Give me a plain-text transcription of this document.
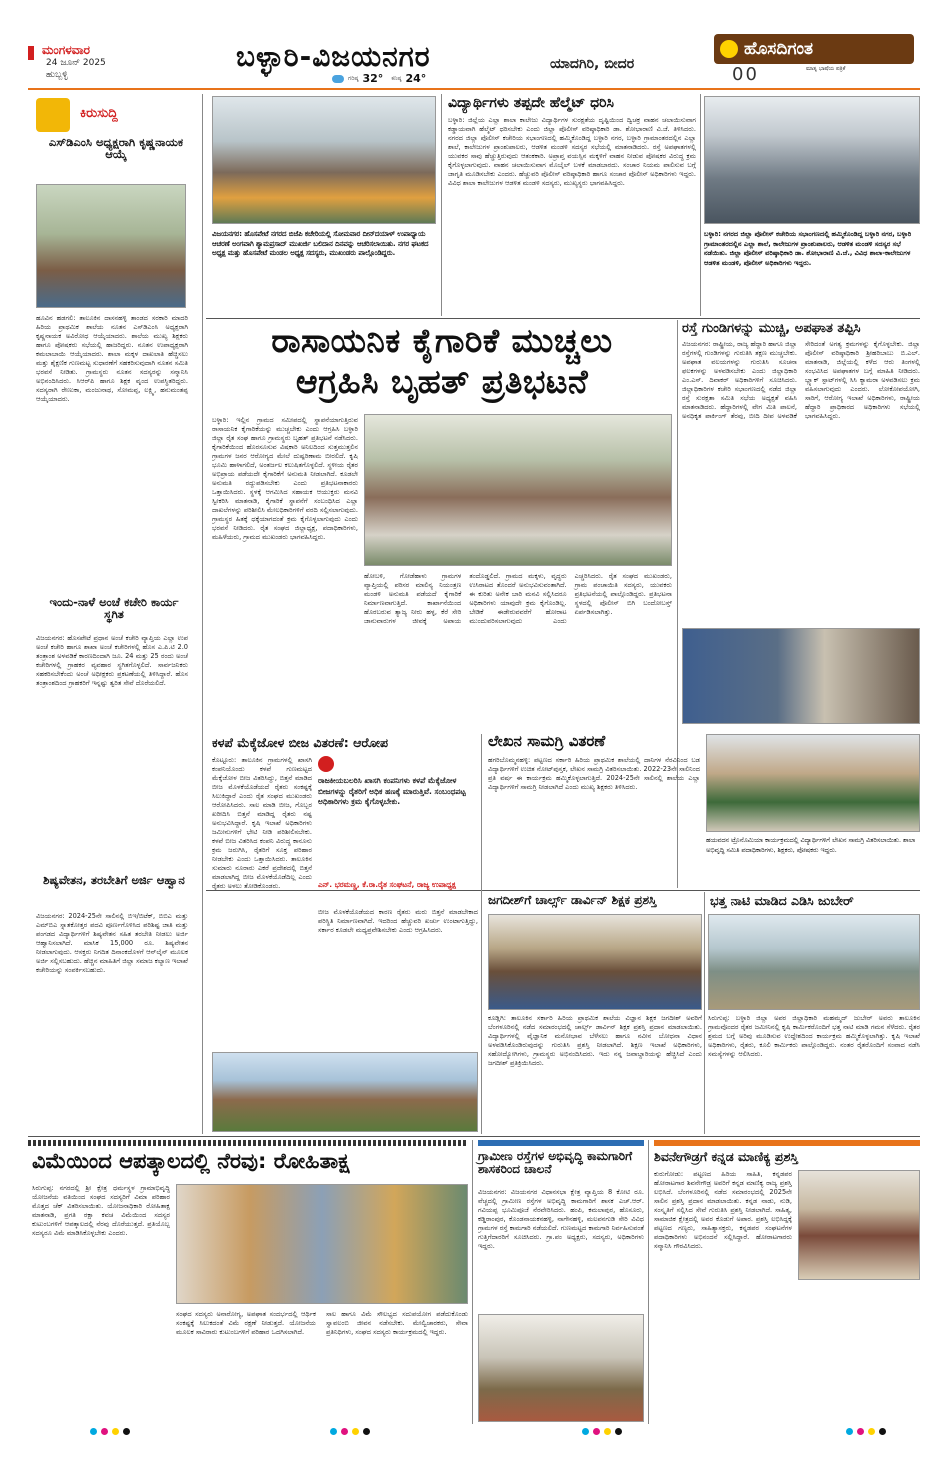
ಮಂಗಳವಾರ
24 ಜೂನ್ 2025
ಹುಬ್ಬಳ್ಳಿ
ಬಳ್ಳಾರಿ-ವಿಜಯನಗರ	ಯಾದಗಿರಿ, ಬೀದರ
ಗರಿಷ್ಠ 32° ಕನಿಷ್ಠ 24°
ಹೊಸದಿಗಂತ
ಮಾತೃ ಭಾಷೆಯ ಪತ್ರಿಕೆ
00
ಕಿರುಸುದ್ದಿ
ಎಸ್‌ಡಿಎಂಸಿ ಅಧ್ಯಕ್ಷರಾಗಿ ಕೃಷ್ಣನಾಯಕ ಆಯ್ಕೆ
ಹೂವಿನ ಹಡಗಲಿ: ತಾಲೂಕಿನ ದಾಸನಹಳ್ಳಿ ತಾಂಡದ ಸರಕಾರಿ ಮಾದರಿ ಹಿರಿಯ ಪ್ರಾಥಮಿಕ ಶಾಲೆಯ ನೂತನ ಎಸ್‌ಡಿಎಂಸಿ ಅಧ್ಯಕ್ಷರಾಗಿ ಕೃಷ್ಣನಾಯಕ ಅವಿರೋಧ ಆಯ್ಕೆಯಾದರು. ಶಾಲೆಯ ಮುಖ್ಯ ಶಿಕ್ಷಕರು ಹಾಗೂ ಪೋಷಕರು ಸಭೆಯಲ್ಲಿ ಹಾಜರಿದ್ದರು. ನೂತನ ಉಪಾಧ್ಯಕ್ಷರಾಗಿ ಕಮಲಾಬಾಯಿ ಆಯ್ಕೆಯಾದರು. ಶಾಲಾ ಮಕ್ಕಳ ದಾಖಲಾತಿ ಹೆಚ್ಚಿಸಲು ಮತ್ತು ಶೈಕ್ಷಣಿಕ ಗುಣಮಟ್ಟ ಸುಧಾರಣೆಗೆ ಸಹಕರಿಸುವುದಾಗಿ ನೂತನ ಸಮಿತಿ ಭರವಸೆ ನೀಡಿತು. ಗ್ರಾಮಸ್ಥರು ನೂತನ ಸದಸ್ಯರನ್ನು ಸನ್ಮಾನಿಸಿ ಅಭಿನಂದಿಸಿದರು. ಸಿಆರ್‌ಪಿ ಹಾಗೂ ಶಿಕ್ಷಕ ವೃಂದ ಉಪಸ್ಥಿತರಿದ್ದರು. ಸದಸ್ಯರಾಗಿ ರೇಣುಕಾ, ಮಂಜುನಾಥ, ಸೋಮಪ್ಪ, ಲಕ್ಷ್ಮಿ, ಹನುಮಂತಪ್ಪ ಆಯ್ಕೆಯಾದರು.
ಇಂದು-ನಾಳೆ ಅಂಚೆ ಕಚೇರಿ ಕಾರ್ಯ ಸ್ಥಗಿತ
ವಿಜಯನಗರ: ಹೊಸಪೇಟೆ ಪ್ರಧಾನ ಅಂಚೆ ಕಚೇರಿ ವ್ಯಾಪ್ತಿಯ ಎಲ್ಲಾ ಉಪ ಅಂಚೆ ಕಚೇರಿ ಹಾಗೂ ಶಾಖಾ ಅಂಚೆ ಕಚೇರಿಗಳಲ್ಲಿ ಹೊಸ ಎ.ಪಿ.ಟಿ 2.0 ತಂತ್ರಾಂಶ ಅಳವಡಿಕೆ ಕಾರಣದಿಂದಾಗಿ ಜೂ. 24 ಮತ್ತು 25 ರಂದು ಅಂಚೆ ಕಚೇರಿಗಳಲ್ಲಿ ಗ್ರಾಹಕರ ವ್ಯವಹಾರ ಸ್ಥಗಿತಗೊಳ್ಳಲಿದೆ. ಸಾರ್ವಜನಿಕರು ಸಹಕರಿಸಬೇಕೆಂದು ಅಂಚೆ ಅಧೀಕ್ಷಕರು ಪ್ರಕಟಣೆಯಲ್ಲಿ ತಿಳಿಸಿದ್ದಾರೆ. ಹೊಸ ತಂತ್ರಾಂಶದಿಂದ ಗ್ರಾಹಕರಿಗೆ ಇನ್ನಷ್ಟು ತ್ವರಿತ ಸೇವೆ ದೊರೆಯಲಿದೆ.
ಶಿಷ್ಯವೇತನ, ತರಬೇತಿಗೆ ಅರ್ಜಿ ಆಹ್ವಾನ
ವಿಜಯನಗರ: 2024-25ನೇ ಸಾಲಿನಲ್ಲಿ ಬಿಇ/ಬಿಟೆಕ್, ಬಿಬಿಎ ಮತ್ತು ಎಮ್‌ಬಿಎ ಸ್ನಾತಕೋತ್ತರ ಪದವಿ ಪೂರ್ಣಗೊಳಿಸಿದ ಪರಿಶಿಷ್ಟ ಜಾತಿ ಮತ್ತು ಪಂಗಡದ ವಿದ್ಯಾರ್ಥಿಗಳಿಗೆ ಶಿಷ್ಯವೇತನ ಸಹಿತ ತರಬೇತಿ ನೀಡಲು ಅರ್ಜಿ ಆಹ್ವಾನಿಸಲಾಗಿದೆ. ಮಾಸಿಕ 15,000 ರೂ. ಶಿಷ್ಯವೇತನ ನೀಡಲಾಗುವುದು. ಆಸಕ್ತರು ನಿಗದಿತ ದಿನಾಂಕದೊಳಗೆ ಆನ್‌ಲೈನ್ ಮೂಲಕ ಅರ್ಜಿ ಸಲ್ಲಿಸಬಹುದು. ಹೆಚ್ಚಿನ ಮಾಹಿತಿಗೆ ಜಿಲ್ಲಾ ಸಮಾಜ ಕಲ್ಯಾಣ ಇಲಾಖೆ ಕಚೇರಿಯನ್ನು ಸಂಪರ್ಕಿಸಬಹುದು.
ವಿಜಯನಗರ: ಹೊಸಪೇಟೆ ನಗರದ ಬಿಜೆಪಿ ಕಚೇರಿಯಲ್ಲಿ ಸೋಮವಾರ ದೀನ್‌ದಯಾಳ್ ಉಪಾಧ್ಯಾಯ ಆಚರಣೆ ಅಂಗವಾಗಿ ಶ್ಯಾಮಪ್ರಸಾದ್ ಮುಖರ್ಜಿ ಬಲಿದಾನ ದಿನವನ್ನು ಆಚರಿಸಲಾಯಿತು. ನಗರ ಘಟಕದ ಅಧ್ಯಕ್ಷ ಮತ್ತು ಹೊಸಪೇಟೆ ಮಂಡಲ ಅಧ್ಯಕ್ಷ ಸದಸ್ಯರು, ಮುಖಂಡರು ಪಾಲ್ಗೊಂಡಿದ್ದರು.
ವಿದ್ಯಾರ್ಥಿಗಳು ತಪ್ಪದೇ ಹೆಲ್ಮೆಟ್ ಧರಿಸಿ
ಬಳ್ಳಾರಿ: ಜಿಲ್ಲೆಯ ಎಲ್ಲಾ ಶಾಲಾ ಕಾಲೇಜು ವಿದ್ಯಾರ್ಥಿಗಳ ಸುರಕ್ಷತೆಯ ದೃಷ್ಟಿಯಿಂದ ದ್ವಿಚಕ್ರ ವಾಹನ ಚಲಾಯಿಸುವಾಗ ಕಡ್ಡಾಯವಾಗಿ ಹೆಲ್ಮೆಟ್ ಧರಿಸಬೇಕು ಎಂದು ಜಿಲ್ಲಾ ಪೊಲೀಸ್ ವರಿಷ್ಠಾಧಿಕಾರಿ ಡಾ. ಶೋಭಾರಾಣಿ ವಿ.ಜೆ. ತಿಳಿಸಿದರು. ನಗರದ ಜಿಲ್ಲಾ ಪೊಲೀಸ್ ಕಚೇರಿಯ ಸಭಾಂಗಣದಲ್ಲಿ ಹಮ್ಮಿಕೊಂಡಿದ್ದ ಬಳ್ಳಾರಿ ನಗರ, ಬಳ್ಳಾರಿ ಗ್ರಾಮಾಂತರದಲ್ಲಿನ ಎಲ್ಲಾ ಶಾಲೆ, ಕಾಲೇಜುಗಳ ಪ್ರಾಂಶುಪಾಲರು, ಆಡಳಿತ ಮಂಡಳಿ ಸದಸ್ಯರ ಸಭೆಯಲ್ಲಿ ಮಾತನಾಡಿದರು. ರಸ್ತೆ ಅಪಘಾತಗಳಲ್ಲಿ ಯುವಕರ ಸಾವು ಹೆಚ್ಚುತ್ತಿರುವುದು ಆತಂಕಕಾರಿ. ಅಪ್ರಾಪ್ತ ವಯಸ್ಸಿನ ಮಕ್ಕಳಿಗೆ ವಾಹನ ನೀಡುವ ಪೋಷಕರ ವಿರುದ್ಧ ಕ್ರಮ ಕೈಗೊಳ್ಳಲಾಗುವುದು. ವಾಹನ ಚಲಾಯಿಸುವಾಗ ಮೊಬೈಲ್ ಬಳಕೆ ಮಾಡಬಾರದು. ಸಂಚಾರ ನಿಯಮ ಪಾಲಿಸುವ ಬಗ್ಗೆ ಜಾಗೃತಿ ಮೂಡಿಸಬೇಕು ಎಂದರು. ಹೆಚ್ಚುವರಿ ಪೊಲೀಸ್ ವರಿಷ್ಠಾಧಿಕಾರಿ ಹಾಗೂ ಸಂಚಾರ ಪೊಲೀಸ್ ಅಧಿಕಾರಿಗಳು ಇದ್ದರು. ವಿವಿಧ ಶಾಲಾ ಕಾಲೇಜುಗಳ ಆಡಳಿತ ಮಂಡಳಿ ಸದಸ್ಯರು, ಮುಖ್ಯಸ್ಥರು ಭಾಗವಹಿಸಿದ್ದರು.
ಬಳ್ಳಾರಿ: ನಗರದ ಜಿಲ್ಲಾ ಪೊಲೀಸ್ ಕಚೇರಿಯ ಸಭಾಂಗಣದಲ್ಲಿ ಹಮ್ಮಿಕೊಂಡಿದ್ದ ಬಳ್ಳಾರಿ ನಗರ, ಬಳ್ಳಾರಿ ಗ್ರಾಮಾಂತರದಲ್ಲಿನ ಎಲ್ಲಾ ಶಾಲೆ, ಕಾಲೇಜುಗಳ ಪ್ರಾಂಶುಪಾಲರು, ಆಡಳಿತ ಮಂಡಳಿ ಸದಸ್ಯರ ಸಭೆ ನಡೆಯಿತು. ಜಿಲ್ಲಾ ಪೊಲೀಸ್ ವರಿಷ್ಠಾಧಿಕಾರಿ ಡಾ. ಶೋಭಾರಾಣಿ ವಿ.ಜೆ., ವಿವಿಧ ಶಾಲಾ-ಕಾಲೇಜುಗಳ ಆಡಳಿತ ಮಂಡಳಿ, ಪೊಲೀಸ್ ಅಧಿಕಾರಿಗಳು ಇದ್ದರು.
ರಾಸಾಯನಿಕ ಕೈಗಾರಿಕೆ ಮುಚ್ಚಲು
ಆಗ್ರಹಿಸಿ ಬೃಹತ್ ಪ್ರತಿಭಟನೆ
ಬಳ್ಳಾರಿ: ಇಲ್ಲಿನ ಗ್ರಾಮದ ಸಮೀಪದಲ್ಲಿ ಸ್ಥಾಪನೆಯಾಗುತ್ತಿರುವ ರಾಸಾಯನಿಕ ಕೈಗಾರಿಕೆಯನ್ನು ಮುಚ್ಚಬೇಕು ಎಂದು ಆಗ್ರಹಿಸಿ ಬಳ್ಳಾರಿ ಜಿಲ್ಲಾ ರೈತ ಸಂಘ ಹಾಗೂ ಗ್ರಾಮಸ್ಥರು ಬೃಹತ್ ಪ್ರತಿಭಟನೆ ನಡೆಸಿದರು. ಕೈಗಾರಿಕೆಯಿಂದ ಹೊರಸೂಸುವ ವಿಷಕಾರಿ ಅನಿಲದಿಂದ ಸುತ್ತಮುತ್ತಲಿನ ಗ್ರಾಮಗಳ ಜನರ ಆರೋಗ್ಯದ ಮೇಲೆ ದುಷ್ಪರಿಣಾಮ ಬೀರಲಿದೆ. ಕೃಷಿ ಭೂಮಿ ಹಾಳಾಗಲಿದೆ, ಅಂತರ್ಜಲ ಕಲುಷಿತಗೊಳ್ಳಲಿದೆ. ಸ್ಥಳೀಯ ರೈತರ ಅಭಿಪ್ರಾಯ ಪಡೆಯದೇ ಕೈಗಾರಿಕೆಗೆ ಅನುಮತಿ ನೀಡಲಾಗಿದೆ. ಕೂಡಲೇ ಅನುಮತಿ ರದ್ದುಪಡಿಸಬೇಕು ಎಂದು ಪ್ರತಿಭಟನಾಕಾರರು ಒತ್ತಾಯಿಸಿದರು. ಸ್ಥಳಕ್ಕೆ ಆಗಮಿಸಿದ ಸಹಾಯಕ ಆಯುಕ್ತರು ಮನವಿ ಸ್ವೀಕರಿಸಿ ಮಾತನಾಡಿ, ಕೈಗಾರಿಕೆ ಸ್ಥಾಪನೆಗೆ ಸಂಬಂಧಿಸಿದ ಎಲ್ಲಾ ದಾಖಲೆಗಳನ್ನು ಪರಿಶೀಲಿಸಿ ಮೇಲಧಿಕಾರಿಗಳಿಗೆ ವರದಿ ಸಲ್ಲಿಸಲಾಗುವುದು. ಗ್ರಾಮಸ್ಥರ ಹಿತಕ್ಕೆ ಧಕ್ಕೆಯಾಗದಂತೆ ಕ್ರಮ ಕೈಗೊಳ್ಳಲಾಗುವುದು ಎಂದು ಭರವಸೆ ನೀಡಿದರು. ರೈತ ಸಂಘದ ಜಿಲ್ಲಾಧ್ಯಕ್ಷ, ಪದಾಧಿಕಾರಿಗಳು, ಮಹಿಳೆಯರು, ಗ್ರಾಮದ ಮುಖಂಡರು ಭಾಗವಹಿಸಿದ್ದರು.
ಹೋಬಳಿ, ಗೋಡೆಹಾಳು ಗ್ರಾಮಗಳ ವ್ಯಾಪ್ತಿಯಲ್ಲಿ ಪರಿಸರ ಮಾಲಿನ್ಯ ನಿಯಂತ್ರಣ ಮಂಡಳಿ ಅನುಮತಿ ಪಡೆಯದೆ ಕೈಗಾರಿಕೆ ನಿರ್ಮಾಣವಾಗುತ್ತಿದೆ. ಕಾರ್ಖಾನೆಯಿಂದ ಹೊರಬರುವ ತ್ಯಾಜ್ಯ ನೀರು ಹಳ್ಳ, ಕೆರೆ ಸೇರಿ ಜಾನುವಾರುಗಳ ಜೀವಕ್ಕೆ ಅಪಾಯ ತಂದೊಡ್ಡಲಿದೆ. ಗ್ರಾಮದ ಮಕ್ಕಳು, ವೃದ್ಧರು ಉಸಿರಾಟದ ತೊಂದರೆ ಅನುಭವಿಸುವಂತಾಗಿದೆ. ಈ ಕುರಿತು ಅನೇಕ ಬಾರಿ ಮನವಿ ಸಲ್ಲಿಸಿದರೂ ಅಧಿಕಾರಿಗಳು ಯಾವುದೇ ಕ್ರಮ ಕೈಗೊಂಡಿಲ್ಲ. ಬೇಡಿಕೆ ಈಡೇರುವವರೆಗೆ ಹೋರಾಟ ಮುಂದುವರಿಸಲಾಗುವುದು ಎಂದು ಎಚ್ಚರಿಸಿದರು. ರೈತ ಸಂಘದ ಮುಖಂಡರು, ಗ್ರಾಮ ಪಂಚಾಯಿತಿ ಸದಸ್ಯರು, ಯುವಕರು ಪ್ರತಿಭಟನೆಯಲ್ಲಿ ಪಾಲ್ಗೊಂಡಿದ್ದರು. ಪ್ರತಿಭಟನಾ ಸ್ಥಳದಲ್ಲಿ ಪೊಲೀಸ್ ಬಿಗಿ ಬಂದೋಬಸ್ತ್ ಏರ್ಪಡಿಸಲಾಗಿತ್ತು.
ರಸ್ತೆ ಗುಂಡಿಗಳನ್ನು ಮುಚ್ಚಿ, ಅಪಘಾತ ತಪ್ಪಿಸಿ
ವಿಜಯನಗರ: ರಾಷ್ಟ್ರೀಯ, ರಾಜ್ಯ ಹೆದ್ದಾರಿ ಹಾಗೂ ಜಿಲ್ಲಾ ರಸ್ತೆಗಳಲ್ಲಿ ಗುಂಡಿಗಳನ್ನು ಗುರುತಿಸಿ ತಕ್ಷಣ ಮುಚ್ಚಬೇಕು. ಅಪಘಾತ ವಲಯಗಳನ್ನು ಗುರುತಿಸಿ ಸೂಚನಾ ಫಲಕಗಳನ್ನು ಅಳವಡಿಸಬೇಕು ಎಂದು ಜಿಲ್ಲಾಧಿಕಾರಿ ಎಂ.ಎಸ್. ದಿವಾಕರ್ ಅಧಿಕಾರಿಗಳಿಗೆ ಸೂಚಿಸಿದರು. ಜಿಲ್ಲಾಧಿಕಾರಿಗಳ ಕಚೇರಿ ಸಭಾಂಗಣದಲ್ಲಿ ನಡೆದ ಜಿಲ್ಲಾ ರಸ್ತೆ ಸುರಕ್ಷತಾ ಸಮಿತಿ ಸಭೆಯ ಅಧ್ಯಕ್ಷತೆ ವಹಿಸಿ ಮಾತನಾಡಿದರು. ಹೆದ್ದಾರಿಗಳಲ್ಲಿ ವೇಗ ಮಿತಿ ಪಾಲನೆ, ಅನಧಿಕೃತ ಪಾರ್ಕಿಂಗ್ ತೆರವು, ಬೀದಿ ದೀಪ ಅಳವಡಿಕೆ ಸೇರಿದಂತೆ ಅಗತ್ಯ ಕ್ರಮಗಳನ್ನು ಕೈಗೊಳ್ಳಬೇಕು. ಜಿಲ್ಲಾ ಪೊಲೀಸ್ ವರಿಷ್ಠಾಧಿಕಾರಿ ಶ್ರೀಹರಿಬಾಬು ಬಿ.ಎಲ್. ಮಾತನಾಡಿ, ಜಿಲ್ಲೆಯಲ್ಲಿ ಕಳೆದ ಆರು ತಿಂಗಳಲ್ಲಿ ಸಂಭವಿಸಿದ ಅಪಘಾತಗಳ ಬಗ್ಗೆ ಮಾಹಿತಿ ನೀಡಿದರು. ಬ್ಲ್ಯಾಕ್ ಸ್ಪಾಟ್‌ಗಳಲ್ಲಿ ಸಿಸಿ ಕ್ಯಾಮರಾ ಅಳವಡಿಸಲು ಕ್ರಮ ವಹಿಸಲಾಗುವುದು ಎಂದರು. ಲೋಕೋಪಯೋಗಿ, ಸಾರಿಗೆ, ಆರೋಗ್ಯ ಇಲಾಖೆ ಅಧಿಕಾರಿಗಳು, ರಾಷ್ಟ್ರೀಯ ಹೆದ್ದಾರಿ ಪ್ರಾಧಿಕಾರದ ಅಧಿಕಾರಿಗಳು ಸಭೆಯಲ್ಲಿ ಭಾಗವಹಿಸಿದ್ದರು.
ಕಳಪೆ ಮೆಕ್ಕೆಜೋಳ ಬೀಜ ವಿತರಣೆ: ಆರೋಪ
ಕೊಟ್ಟೂರು: ತಾಲೂಕಿನ ಗ್ರಾಮಗಳಲ್ಲಿ ಖಾಸಗಿ ಕಂಪನಿಯೊಂದು ಕಳಪೆ ಗುಣಮಟ್ಟದ ಮೆಕ್ಕೆಜೋಳ ಬೀಜ ವಿತರಿಸಿದ್ದು, ಬಿತ್ತನೆ ಮಾಡಿದ ಬೀಜ ಮೊಳಕೆಯೊಡೆಯದೆ ರೈತರು ಸಂಕಷ್ಟಕ್ಕೆ ಸಿಲುಕಿದ್ದಾರೆ ಎಂದು ರೈತ ಸಂಘದ ಮುಖಂಡರು ಆರೋಪಿಸಿದರು. ಸಾಲ ಮಾಡಿ ಬೀಜ, ಗೊಬ್ಬರ ಖರೀದಿಸಿ ಬಿತ್ತನೆ ಮಾಡಿದ್ದ ರೈತರು ನಷ್ಟ ಅನುಭವಿಸಿದ್ದಾರೆ. ಕೃಷಿ ಇಲಾಖೆ ಅಧಿಕಾರಿಗಳು ಜಮೀನುಗಳಿಗೆ ಭೇಟಿ ನೀಡಿ ಪರಿಶೀಲಿಸಬೇಕು. ಕಳಪೆ ಬೀಜ ವಿತರಿಸಿದ ಕಂಪನಿ ವಿರುದ್ಧ ಕಾನೂನು ಕ್ರಮ ಜರುಗಿಸಿ, ರೈತರಿಗೆ ಸೂಕ್ತ ಪರಿಹಾರ ನೀಡಬೇಕು ಎಂದು ಒತ್ತಾಯಿಸಿದರು. ತಾಲೂಕಿನ ಸುಮಾರು ನೂರಾರು ಎಕರೆ ಪ್ರದೇಶದಲ್ಲಿ ಬಿತ್ತನೆ ಮಾಡಲಾಗಿದ್ದ ಬೀಜ ಮೊಳಕೆಯೊಡೆದಿಲ್ಲ ಎಂದು ರೈತರು ಅಳಲು ತೋಡಿಕೊಂಡರು.
ರಾಜಕೀಯಬಲರಿಸಿ ಖಾಸಗಿ ಕಂಪನಿಗಳು ಕಳಪೆ ಮೆಕ್ಕೆಜೋಳ ಬೀಜಗಳನ್ನು ರೈತರಿಗೆ ಅಧಿಕ ಹಣಕ್ಕೆ ಮಾರುತ್ತಿವೆ. ಸಂಬಂಧಪಟ್ಟ ಅಧಿಕಾರಿಗಳು ಕ್ರಮ ಕೈಗೊಳ್ಳಬೇಕು.
ಎನ್. ಭರಮಣ್ಣ, ಕೆ.ರಾ.ರೈತ ಸಂಘಟನೆ, ರಾಜ್ಯ ಉಪಾಧ್ಯಕ್ಷ
ಬೀಜ ಮೊಳಕೆಯೊಡೆಯದ ಕಾರಣ ರೈತರು ಮರು ಬಿತ್ತನೆ ಮಾಡಬೇಕಾದ ಪರಿಸ್ಥಿತಿ ನಿರ್ಮಾಣವಾಗಿದೆ. ಇದರಿಂದ ಹೆಚ್ಚುವರಿ ಖರ್ಚು ಉಂಟಾಗುತ್ತಿದ್ದು, ಸರ್ಕಾರ ಕೂಡಲೇ ಮಧ್ಯಪ್ರವೇಶಿಸಬೇಕು ಎಂದು ಆಗ್ರಹಿಸಿದರು.
ಲೇಖನ ಸಾಮಗ್ರಿ ವಿತರಣೆ
ಹಗರಿಬೊಮ್ಮನಹಳ್ಳಿ: ಪಟ್ಟಣದ ಸರ್ಕಾರಿ ಹಿರಿಯ ಪ್ರಾಥಮಿಕ ಶಾಲೆಯಲ್ಲಿ ದಾನಿಗಳ ನೆರವಿನಿಂದ ಬಡ ವಿದ್ಯಾರ್ಥಿಗಳಿಗೆ ಉಚಿತ ನೋಟ್‌ಪುಸ್ತಕ, ಲೇಖನ ಸಾಮಗ್ರಿ ವಿತರಿಸಲಾಯಿತು. 2022-23ನೇ ಸಾಲಿನಿಂದ ಪ್ರತಿ ವರ್ಷ ಈ ಕಾರ್ಯಕ್ರಮ ಹಮ್ಮಿಕೊಳ್ಳಲಾಗುತ್ತಿದೆ. 2024-25ನೇ ಸಾಲಿನಲ್ಲಿ ಶಾಲೆಯ ಎಲ್ಲಾ ವಿದ್ಯಾರ್ಥಿಗಳಿಗೆ ಸಾಮಗ್ರಿ ನೀಡಲಾಗಿದೆ ಎಂದು ಮುಖ್ಯ ಶಿಕ್ಷಕರು ತಿಳಿಸಿದರು.
ಹಯವದನ ಟ್ರೊನೊಮಿಯಾ ಕಾರ್ಯಕ್ರಮದಲ್ಲಿ ವಿದ್ಯಾರ್ಥಿಗಳಿಗೆ ಲೇಖನ ಸಾಮಗ್ರಿ ವಿತರಿಸಲಾಯಿತು. ಶಾಲಾ ಅಭಿವೃದ್ಧಿ ಸಮಿತಿ ಪದಾಧಿಕಾರಿಗಳು, ಶಿಕ್ಷಕರು, ಪೋಷಕರು ಇದ್ದರು.
ಜಗದೀಶ್‌ಗೆ ಚಾರ್ಲ್ಸ್ ಡಾರ್ವಿನ್ ಶಿಕ್ಷಕ ಪ್ರಶಸ್ತಿ
ಕೂಡ್ಲಿಗಿ: ತಾಲೂಕಿನ ಸರ್ಕಾರಿ ಹಿರಿಯ ಪ್ರಾಥಮಿಕ ಶಾಲೆಯ ವಿಜ್ಞಾನ ಶಿಕ್ಷಕ ಜಗದೀಶ್ ಅವರಿಗೆ ಬೆಂಗಳೂರಿನಲ್ಲಿ ನಡೆದ ಸಮಾರಂಭದಲ್ಲಿ ಚಾರ್ಲ್ಸ್ ಡಾರ್ವಿನ್ ಶಿಕ್ಷಕ ಪ್ರಶಸ್ತಿ ಪ್ರದಾನ ಮಾಡಲಾಯಿತು. ವಿದ್ಯಾರ್ಥಿಗಳಲ್ಲಿ ವೈಜ್ಞಾನಿಕ ಮನೋಭಾವ ಬೆಳೆಸಲು ಹಾಗೂ ನವೀನ ಬೋಧನಾ ವಿಧಾನ ಅಳವಡಿಸಿಕೊಂಡಿರುವುದನ್ನು ಗುರುತಿಸಿ ಪ್ರಶಸ್ತಿ ನೀಡಲಾಗಿದೆ. ಶಿಕ್ಷಣ ಇಲಾಖೆ ಅಧಿಕಾರಿಗಳು, ಸಹೋದ್ಯೋಗಿಗಳು, ಗ್ರಾಮಸ್ಥರು ಅಭಿನಂದಿಸಿದರು. ಇದು ನನ್ನ ಜವಾಬ್ದಾರಿಯನ್ನು ಹೆಚ್ಚಿಸಿದೆ ಎಂದು ಜಗದೀಶ್ ಪ್ರತಿಕ್ರಿಯಿಸಿದರು.
ಭತ್ತ ನಾಟಿ ಮಾಡಿದ ಎಡಿಸಿ ಜುಬೇರ್
ಸಿರುಗುಪ್ಪ: ಬಳ್ಳಾರಿ ಜಿಲ್ಲಾ ಅಪರ ಜಿಲ್ಲಾಧಿಕಾರಿ ಮಹಮ್ಮದ್ ಜುಬೇರ್ ಅವರು ತಾಲೂಕಿನ ಗ್ರಾಮವೊಂದರ ರೈತರ ಜಮೀನಿನಲ್ಲಿ ಕೃಷಿ ಕಾರ್ಮಿಕರೊಂದಿಗೆ ಭತ್ತ ನಾಟಿ ಮಾಡಿ ಗಮನ ಸೆಳೆದರು. ರೈತರ ಶ್ರಮದ ಬಗ್ಗೆ ಅರಿವು ಮೂಡಿಸುವ ಉದ್ದೇಶದಿಂದ ಕಾರ್ಯಕ್ರಮ ಹಮ್ಮಿಕೊಳ್ಳಲಾಗಿತ್ತು. ಕೃಷಿ ಇಲಾಖೆ ಅಧಿಕಾರಿಗಳು, ರೈತರು, ಕೂಲಿ ಕಾರ್ಮಿಕರು ಪಾಲ್ಗೊಂಡಿದ್ದರು. ನಂತರ ರೈತರೊಂದಿಗೆ ಸಂವಾದ ನಡೆಸಿ ಸಮಸ್ಯೆಗಳನ್ನು ಆಲಿಸಿದರು.
ವಿಮೆಯಿಂದ ಆಪತ್ಕಾಲದಲ್ಲಿ ನೆರವು: ರೋಹಿತಾಕ್ಷ
ಸಿರುಗುಪ್ಪ: ನಗರದಲ್ಲಿ ಶ್ರೀ ಕ್ಷೇತ್ರ ಧರ್ಮಸ್ಥಳ ಗ್ರಾಮಾಭಿವೃದ್ಧಿ ಯೋಜನೆಯ ವತಿಯಿಂದ ಸಂಘದ ಸದಸ್ಯರಿಗೆ ವಿಮಾ ಪರಿಹಾರ ಮೊತ್ತದ ಚೆಕ್ ವಿತರಿಸಲಾಯಿತು. ಯೋಜನಾಧಿಕಾರಿ ರೋಹಿತಾಕ್ಷ ಮಾತನಾಡಿ, ಪ್ರಗತಿ ರಕ್ಷಾ ಕವಚ ವಿಮೆಯಿಂದ ಸದಸ್ಯರ ಕುಟುಂಬಗಳಿಗೆ ಆಪತ್ಕಾಲದಲ್ಲಿ ನೆರವು ದೊರೆಯುತ್ತದೆ. ಪ್ರತಿಯೊಬ್ಬ ಸದಸ್ಯರೂ ವಿಮೆ ಮಾಡಿಸಿಕೊಳ್ಳಬೇಕು ಎಂದರು.
ಸಂಘದ ಸದಸ್ಯರು ಅನಾರೋಗ್ಯ, ಅಪಘಾತ ಸಂದರ್ಭದಲ್ಲಿ ಆರ್ಥಿಕ ಸಂಕಷ್ಟಕ್ಕೆ ಸಿಲುಕದಂತೆ ವಿಮೆ ರಕ್ಷಣೆ ನೀಡುತ್ತದೆ. ಯೋಜನೆಯ ಮೂಲಕ ಸಾವಿರಾರು ಕುಟುಂಬಗಳಿಗೆ ಪರಿಹಾರ ಒದಗಿಸಲಾಗಿದೆ.
ಸಾಲ ಹಾಗೂ ವಿಮೆ ಸೌಲಭ್ಯದ ಸದುಪಯೋಗ ಪಡೆದುಕೊಂಡು ಸ್ವಾವಲಂಬಿ ಜೀವನ ನಡೆಸಬೇಕು. ಮೇಲ್ವಿಚಾರಕರು, ಸೇವಾ ಪ್ರತಿನಿಧಿಗಳು, ಸಂಘದ ಸದಸ್ಯರು ಕಾರ್ಯಕ್ರಮದಲ್ಲಿ ಇದ್ದರು.
ಗ್ರಾಮೀಣ ರಸ್ತೆಗಳ ಅಭಿವೃದ್ಧಿ ಕಾಮಗಾರಿಗೆ ಶಾಸಕರಿಂದ ಚಾಲನೆ
ವಿಜಯನಗರ: ವಿಜಯನಗರ ವಿಧಾನಸಭಾ ಕ್ಷೇತ್ರ ವ್ಯಾಪ್ತಿಯ 8 ಕೋಟಿ ರೂ. ವೆಚ್ಚದಲ್ಲಿ ಗ್ರಾಮೀಣ ರಸ್ತೆಗಳ ಅಭಿವೃದ್ಧಿ ಕಾಮಗಾರಿಗೆ ಶಾಸಕ ಎಚ್.ಆರ್. ಗವಿಯಪ್ಪ ಭೂಮಿಪೂಜೆ ನೆರವೇರಿಸಿದರು. ಹಂಪಿ, ಕಮಲಾಪುರ, ಹೊಸೂರು, ಕಡ್ಡಿರಾಂಪುರ, ಕೊಂಡನಾಯಕನಹಳ್ಳಿ, ನಾಗೇನಹಳ್ಳಿ, ಮಲಪನಗುಡಿ ಸೇರಿ ವಿವಿಧ ಗ್ರಾಮಗಳ ರಸ್ತೆ ಕಾಮಗಾರಿ ನಡೆಯಲಿದೆ. ಗುಣಮಟ್ಟದ ಕಾಮಗಾರಿ ನಿರ್ವಹಿಸುವಂತೆ ಗುತ್ತಿಗೆದಾರರಿಗೆ ಸೂಚಿಸಿದರು. ಗ್ರಾ.ಪಂ ಅಧ್ಯಕ್ಷರು, ಸದಸ್ಯರು, ಅಧಿಕಾರಿಗಳು ಇದ್ದರು.
ಶಿವನೇಗೌಡ್ರಗೆ ಕನ್ನಡ ಮಾಣಿಕ್ಯ ಪ್ರಶಸ್ತಿ
ಕುರುಗೋಡು: ಪಟ್ಟಣದ ಹಿರಿಯ ಸಾಹಿತಿ, ಕನ್ನಡಪರ ಹೋರಾಟಗಾರ ಶಿವನೇಗೌಡ್ರ ಅವರಿಗೆ ಕನ್ನಡ ಮಾಣಿಕ್ಯ ರಾಜ್ಯ ಪ್ರಶಸ್ತಿ ಲಭಿಸಿದೆ. ಬೆಂಗಳೂರಿನಲ್ಲಿ ನಡೆದ ಸಮಾರಂಭದಲ್ಲಿ 2025ನೇ ಸಾಲಿನ ಪ್ರಶಸ್ತಿ ಪ್ರದಾನ ಮಾಡಲಾಯಿತು. ಕನ್ನಡ ನಾಡು, ನುಡಿ, ಸಂಸ್ಕೃತಿಗೆ ಸಲ್ಲಿಸಿದ ಸೇವೆ ಗುರುತಿಸಿ ಪ್ರಶಸ್ತಿ ನೀಡಲಾಗಿದೆ. ಸಾಹಿತ್ಯ, ಸಾಮಾಜಿಕ ಕ್ಷೇತ್ರದಲ್ಲಿ ಅವರ ಕೊಡುಗೆ ಅಪಾರ. ಪ್ರಶಸ್ತಿ ಲಭಿಸಿದ್ದಕ್ಕೆ ಪಟ್ಟಣದ ಗಣ್ಯರು, ಸಾಹಿತ್ಯಾಸಕ್ತರು, ಕನ್ನಡಪರ ಸಂಘಟನೆಗಳ ಪದಾಧಿಕಾರಿಗಳು ಅಭಿನಂದನೆ ಸಲ್ಲಿಸಿದ್ದಾರೆ. ಹೋರಾಟಗಾರರು ಸನ್ಮಾನಿಸಿ ಗೌರವಿಸಿದರು.
